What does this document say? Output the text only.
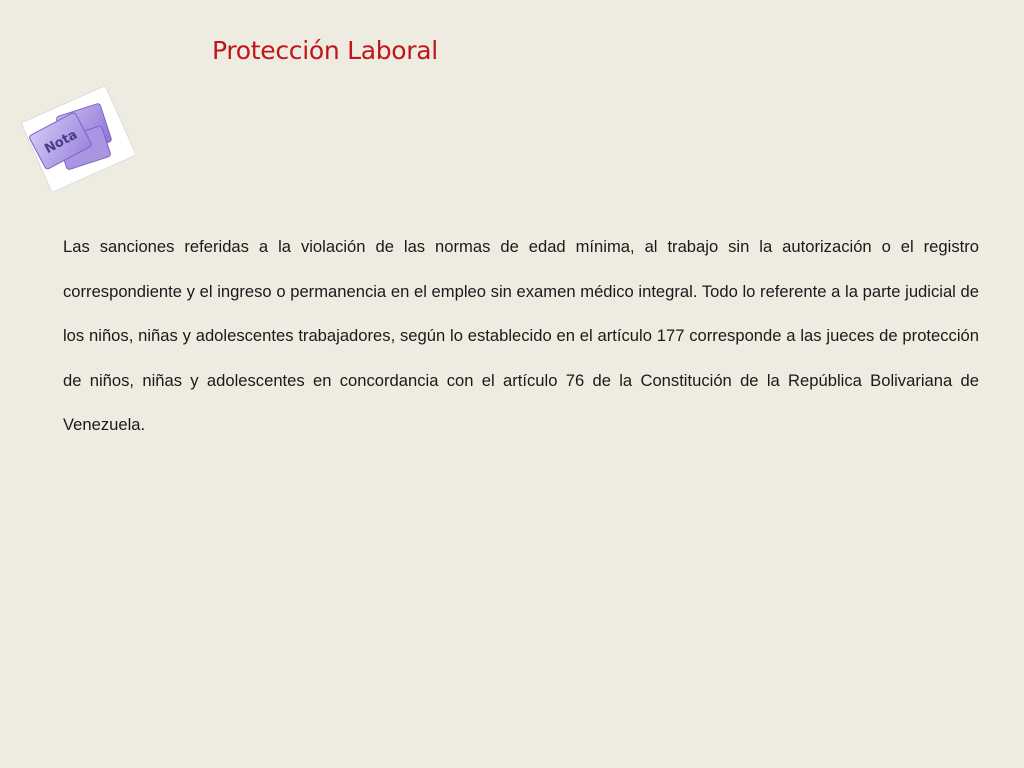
Protección Laboral
Nota

Las sanciones referidas a la violación de las normas de edad mínima, al trabajo sin la autorización o el registro correspondiente y el ingreso o permanencia en el empleo sin examen médico integral. Todo lo referente a la parte judicial de los niños, niñas y adolescentes trabajadores, según lo establecido en el artículo 177 corresponde a las jueces de protección de niños, niñas y adolescentes en concordancia con el artículo 76 de la Constitución de la República Bolivariana de Venezuela.
